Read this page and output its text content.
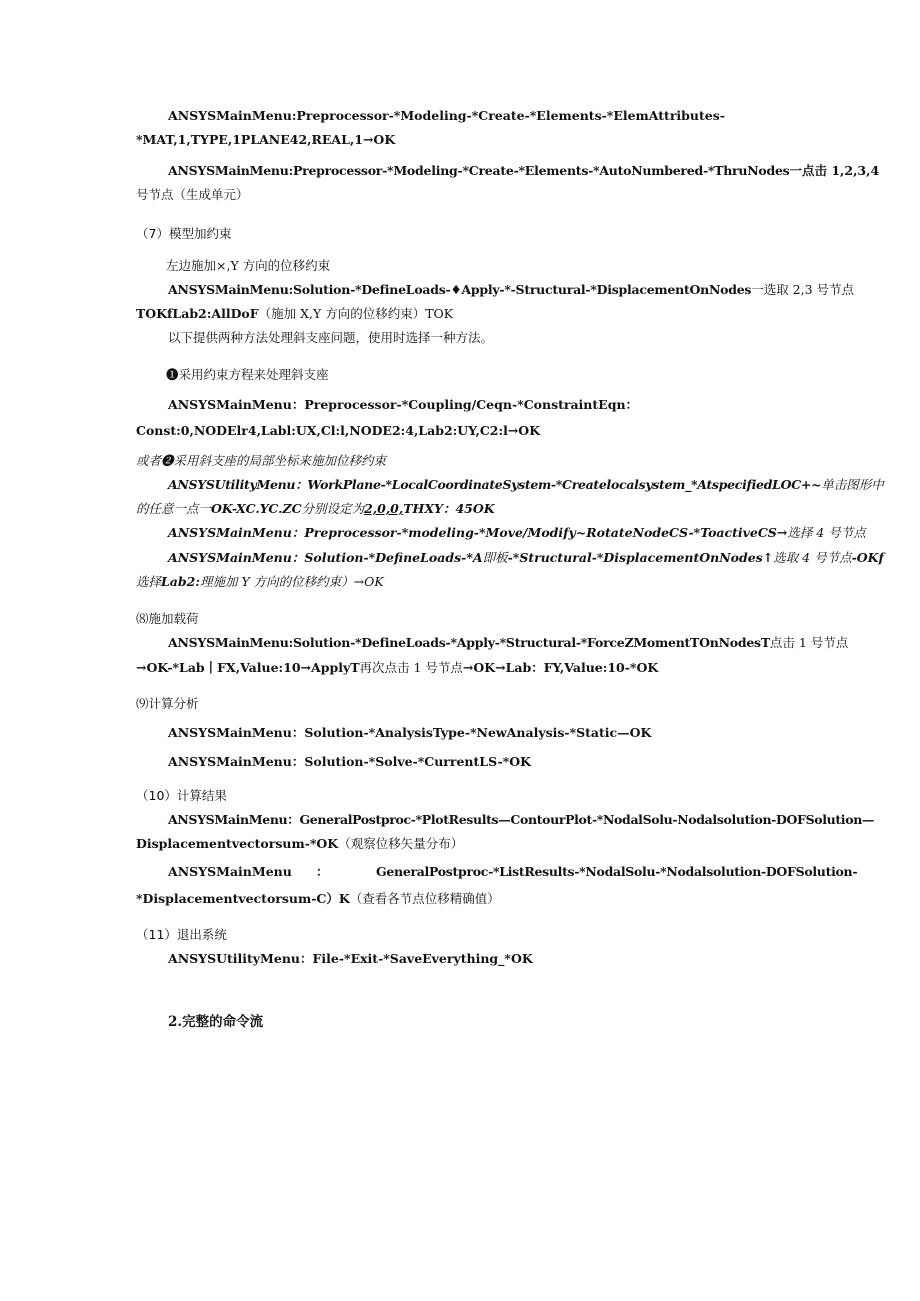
ANSYSMainMenu:Preprocessor-*Modeling-*Create-*Elements-*ElemAttributes-
*MAT,1,TYPE,1PLANE42,REAL,1→OK
ANSYSMainMenu:Preprocessor-*Modeling-*Create-*Elements-*AutoNumbered-*ThruNodes一点击 1,2,3,4
号节点（生成单元）
（7）模型加约束
左边施加×,Y 方向的位移约束
ANSYSMainMenu:Solution-*DefineLoads-♦Apply-*-Structural-*DisplacementOnNodes一选取 2,3 号节点
TOKfLab2:AllDoF（施加 X,Y 方向的位移约束）TOK
以下提供两种方法处理斜支座问题，使用时选择一种方法。
❶采用约束方程来处理斜支座
ANSYSMainMenu：Preprocessor-*Coupling/Ceqn-*ConstraintEqn：
Const:0,NODElr4,Labl:UX,Cl:l,NODE2:4,Lab2:UY,C2:l→OK
或者❷采用斜支座的局部坐标来施加位移约束
ANSYSUtilityMenu：WorkPlane-*LocalCoordinateSystem-*Createlocalsystem_*AtspecifiedLOC+~单击图形中
的任意一点一OK-XC.YC.ZC分别设定为2,0,0,THXY：45OK
ANSYSMainMenu：Preprocessor-*modeling-*Move/Modify~RotateNodeCS-*ToactiveCS→选择 4 号节点
ANSYSMainMenu：Solution-*DefineLoads-*A即板-*Structural-*DisplacementOnNodes↑选取 4 号节点-OKf
选择Lab2:理施加 Y 方向的位移约束）→OK
⑻施加载荷
ANSYSMainMenu:Solution-*DefineLoads-*Apply-*Structural-*ForceZMomentTOnNodesT点击 1 号节点
→OK-*Lab丨FX,Value:10→ApplyT再次点击 1 号节点→OK→Lab：FY,Value:10-*OK
⑼计算分析
ANSYSMainMenu：Solution-*AnalysisType-*NewAnalysis-*Static—OK
ANSYSMainMenu：Solution-*Solve-*CurrentLS-*OK
（10）计算结果
ANSYSMainMenu：GeneralPostproc-*PlotResults—ContourPlot-*NodalSolu-Nodalsolution-DOFSolution—
Displacementvectorsum-*OK（观察位移矢量分布）
ANSYSMainMenu ：	GeneralPostproc-*ListResults-*NodalSolu-*Nodalsolution-DOFSolution-
*Displacementvectorsum-C）K（查看各节点位移精确值）
（11）退出系统
ANSYSUtilityMenu：File-*Exit-*SaveEverything_*OK
2.完整的命令流
